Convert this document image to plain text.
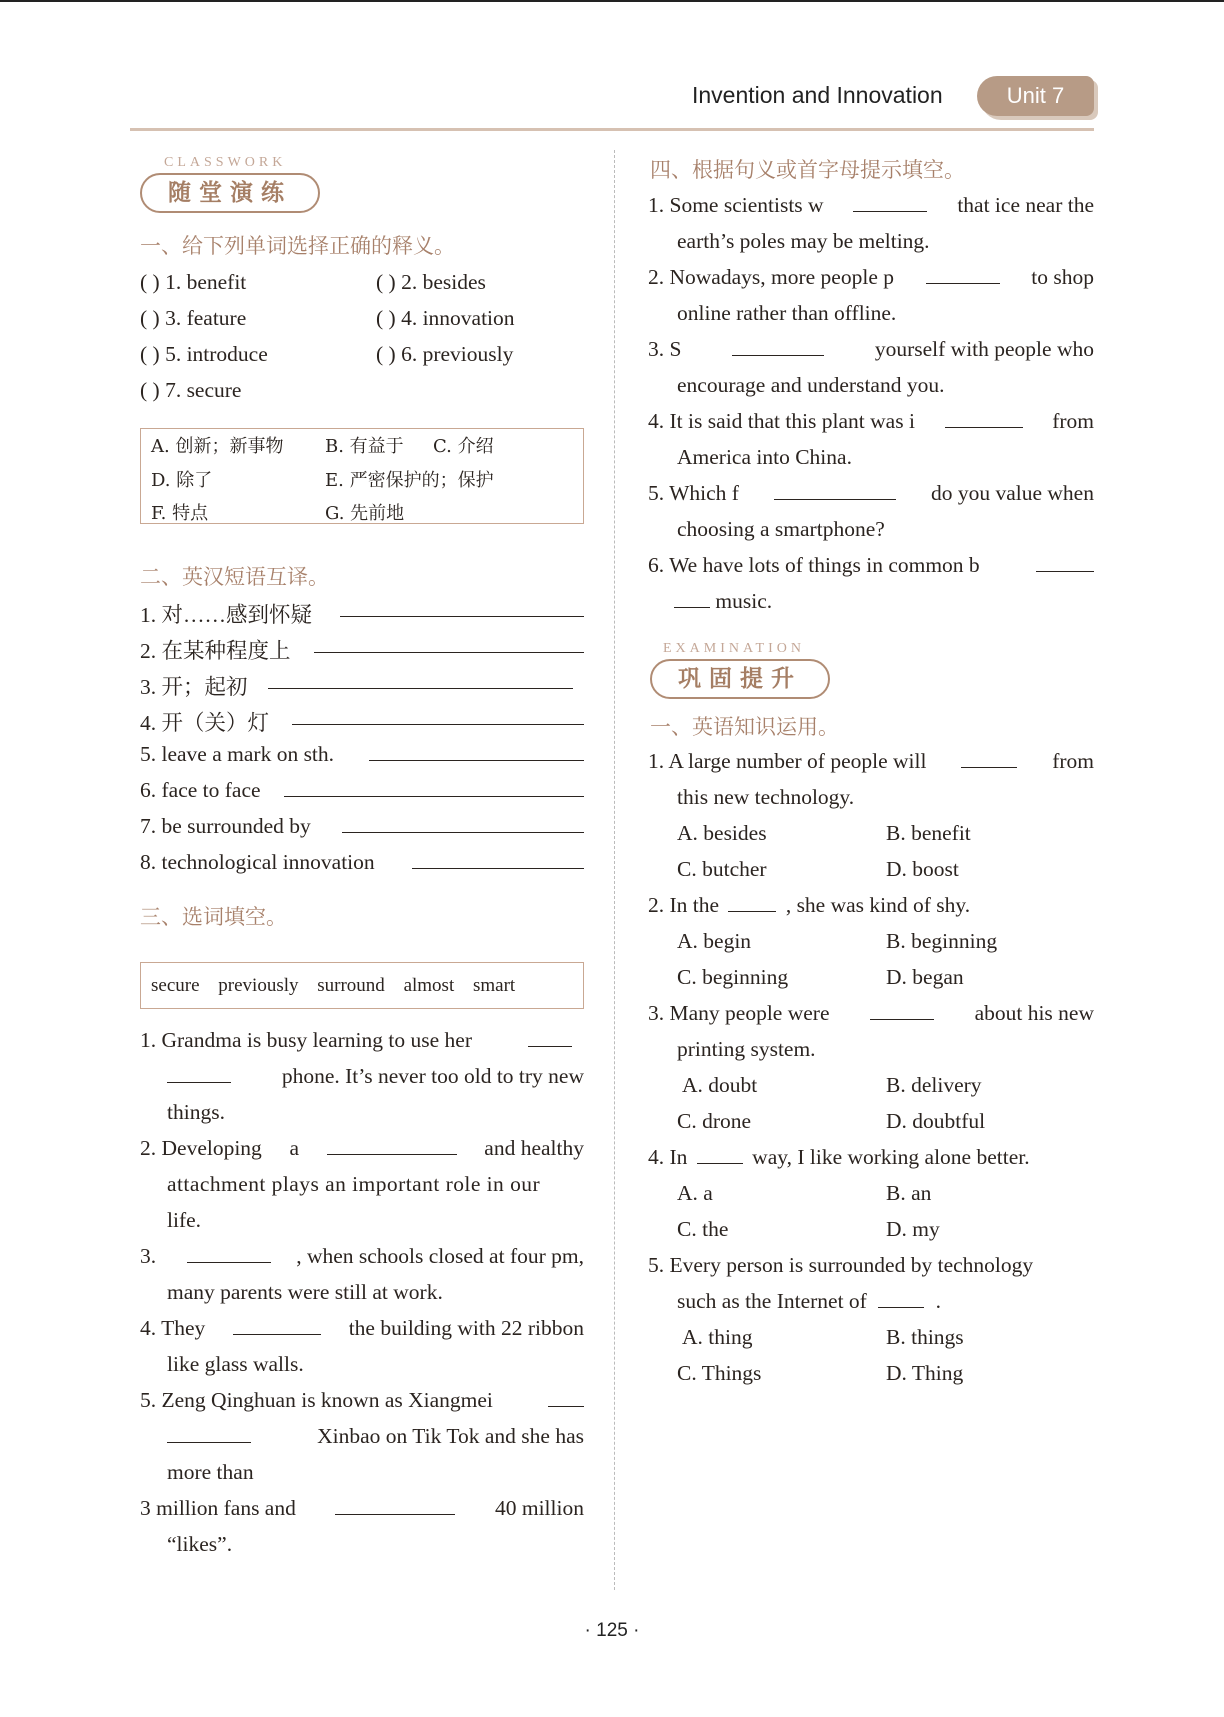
Invention and Innovation	Unit 7
CLASSWORK
随堂演练
一、给下列单词选择正确的释义。
( ) 1. benefit	( ) 2. besides
( ) 3. feature	( ) 4. innovation
( ) 5. introduce	( ) 6. previously
( ) 7. secure
A. 创新；新事物 B. 有益于 C. 介绍
D. 除了	E. 严密保护的；保护
F. 特点	G. 先前地
二、英汉短语互译。
1. 对……感到怀疑
2. 在某种程度上
3. 开；起初
4. 开（关）灯
5. leave a mark on sth.
6. face to face
7. be surrounded by
8. technological innovation
三、选词填空。
secure previously surround almost smart
1. Grandma is busy learning to use her
phone. It’s never too old to try new
things.
2. Developing a	and healthy
attachment plays an important role in our
life.
3.	, when schools closed at four pm,
many parents were still at work.
4. They	the building with 22 ribbon
like glass walls.
5. Zeng Qinghuan is known as Xiangmei
Xinbao on Tik Tok and she has
more than
3 million fans and	40 million
“likes”.
四、根据句义或首字母提示填空。
1. Some scientists w	that ice near the
earth’s poles may be melting.
2. Nowadays, more people p	to shop
online rather than offline.
3. S	yourself with people who
encourage and understand you.
4. It is said that this plant was i	from
America into China.
5. Which f	do you value when
choosing a smartphone?
6. We have lots of things in common b
music.
EXAMINATION
巩固提升
一、英语知识运用。
1. A large number of people will	from
this new technology.
A. besides	B. benefit
C. butcher	D. boost
2. In the	, she was kind of shy.
A. begin	B. beginning
C. beginning	D. began
3. Many people were	about his new
printing system.
A. doubt	B. delivery
C. drone	D. doubtful
4. In	way, I like working alone better.
A. a	B. an
C. the	D. my
5. Every person is surrounded by technology
such as the Internet of	.
A. thing	B. things
C. Things	D. Thing
· 125 ·
